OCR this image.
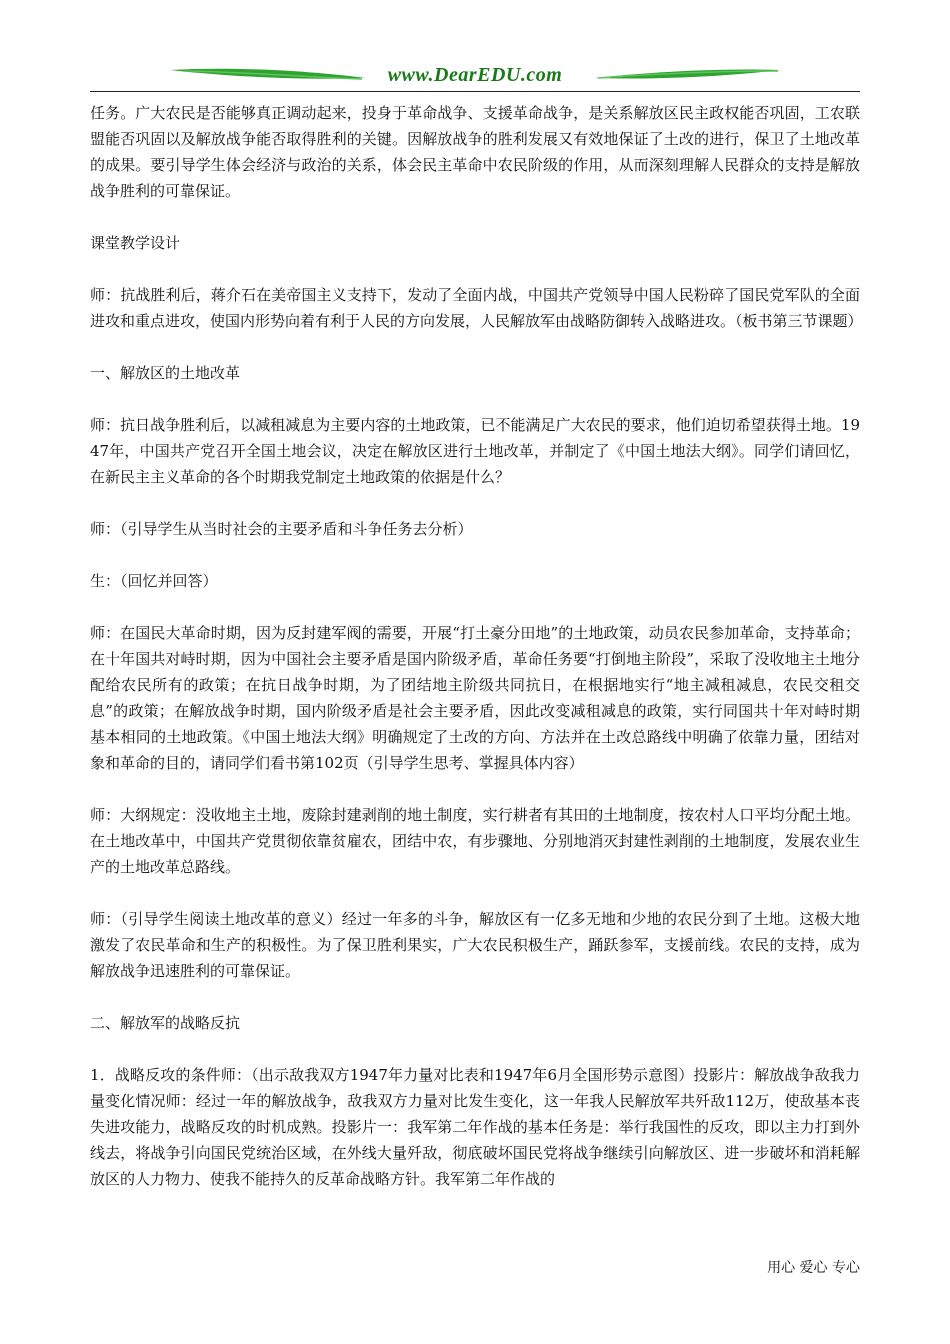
www.DearEDU.com

任务。广大农民是否能够真正调动起来，投身于革命战争、支援革命战争，是关系解放区民主政权能否巩固，工农联盟能否巩固以及解放战争能否取得胜利的关键。因解放战争的胜利发展又有效地保证了土改的进行，保卫了土地改革的成果。要引导学生体会经济与政治的关系，体会民主革命中农民阶级的作用，从而深刻理解人民群众的支持是解放战争胜利的可靠保证。

课堂教学设计

师：抗战胜利后，蒋介石在美帝国主义支持下，发动了全面内战，中国共产党领导中国人民粉碎了国民党军队的全面进攻和重点进攻，使国内形势向着有利于人民的方向发展，人民解放军由战略防御转入战略进攻。（板书第三节课题）

一、解放区的土地改革

师：抗日战争胜利后，以减租减息为主要内容的土地政策，已不能满足广大农民的要求，他们迫切希望获得土地。1947年，中国共产党召开全国土地会议，决定在解放区进行土地改革，并制定了《中国土地法大纲》。同学们请回忆，在新民主主义革命的各个时期我党制定土地政策的依据是什么？

师：（引导学生从当时社会的主要矛盾和斗争任务去分析）

生：（回忆并回答）

师：在国民大革命时期，因为反封建军阀的需要，开展“打土豪分田地”的土地政策，动员农民参加革命，支持革命；在十年国共对峙时期，因为中国社会主要矛盾是国内阶级矛盾，革命任务要“打倒地主阶段”，采取了没收地主土地分配给农民所有的政策；在抗日战争时期，为了团结地主阶级共同抗日，在根据地实行“地主减租减息，农民交租交息”的政策；在解放战争时期，国内阶级矛盾是社会主要矛盾，因此改变减租减息的政策，实行同国共十年对峙时期基本相同的土地政策。《中国土地法大纲》明确规定了土改的方向、方法并在土改总路线中明确了依靠力量，团结对象和革命的目的，请同学们看书第102页（引导学生思考、掌握具体内容）

师：大纲规定：没收地主土地，废除封建剥削的地土制度，实行耕者有其田的土地制度，按农村人口平均分配土地。在土地改革中，中国共产党贯彻依靠贫雇农，团结中农，有步骤地、分别地消灭封建性剥削的土地制度，发展农业生产的土地改革总路线。

师：（引导学生阅读土地改革的意义）经过一年多的斗争，解放区有一亿多无地和少地的农民分到了土地。这极大地激发了农民革命和生产的积极性。为了保卫胜利果实，广大农民积极生产，踊跃参军，支援前线。农民的支持，成为解放战争迅速胜利的可靠保证。

二、解放军的战略反抗

1．战略反攻的条件师：（出示敌我双方1947年力量对比表和1947年6月全国形势示意图）投影片：解放战争敌我力量变化情况师：经过一年的解放战争，敌我双方力量对比发生变化，这一年我人民解放军共歼敌112万，使敌基本丧失进攻能力，战略反攻的时机成熟。投影片一：我军第二年作战的基本任务是：举行我国性的反攻，即以主力打到外线去，将战争引向国民党统治区域，在外线大量歼敌，彻底破坏国民党将战争继续引向解放区、进一步破坏和消耗解放区的人力物力、使我不能持久的反革命战略方针。我军第二年作战的

用心 爱心 专心
